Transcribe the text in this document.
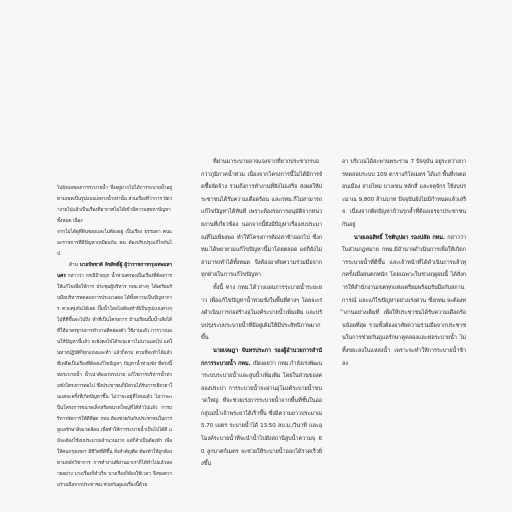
ไปยังบอของการระบายน้ำ จึ่งอยู่มากไปได้การระบายน้ำอยู่ตามเขตเป็นรูปแบบเลทางน้ำเท่านั้น ส่วนเรื่องที่ว่าการ บัดว่าง่ายไปแล้วเป็นเรื่องที่อากาศไม่ได้เข้ามีความสุขหาปัญหาทั้งหมด เนื่อง

จากไม่ได้ดูที่ดินของและไม่ต้องอยู่ เป็นเรื่อง ธรรมดา คนและราชการที่มีปัญหาเหมือนกัน คน ต้องปรับปรุงแก้ไขกันไป

ด้าน นายปัชชาติ ลิขสิทธิ์ผู้ ผู้ว่าราชการกรุงเทพมหานคร กล่าวว่า กรณีป้ายบุก น้ำท่วมครองเป็นเรื่องที่ต้องการให้แก้ไขเพื่อให้การ ประชุมผู้บริหาร กทม.ต่างๆ ได้เตรียมรับมือบริหารทดลองการประมวลผล ได้ทั้งความเป็นปัญหาการ ควบคุมกันได้เลย ปั๊มน้ำโดยไม่ต้องทำที่เป็นรูปแบบต่างๆ ไปที่ที่ขึ้นจะไปถึง ทำที่เป็นโครงการ บ้านเรือนปั๊มน้ำเสียได้ที่ให้มาตรฐานการทำงานที่คล่องตัว ใช้งานแล้ว การวางแผนให้ปัญหานี้แล้ว จะยังคงไปได้ระยะยาวไม่นานเลยไป แต่ในทางปฏิบัติก็ทุกแห่งและทำ แล้วก็ตาม ตามที่จะทำได้แล้ว ที่เหลือเป็นเรื่องที่ต้องแก้ไขปัญหา ปัญหาน้ำท่วมขัง ที่ตรงนี้ ท่อระบายน้ำ น้ำเน่าต้องเร่งระบาย แก้ไขการบริหารน้ำท่วมขังโครงการต่อไป ซึ่งประชาชนก็มีส่วนได้รับการเยียวยาในแต่ละครั้งที่เกิดปัญหาขึ้น ไม่ว่าจะอยู่ที่ไหนแล้ว ไม่ว่าจะเป็นโครงการขนาดเล็กหรือขนาดใหญ่ที่ได้ทำไปแล้ว การบริหารจัดการให้ดีที่สุด กทม.ต้องช่วยกันกับประชาชนในการดูแลรักษาสิ่งแวดล้อม เพื่อทำให้การระบายน้ำเป็นไปได้ดี แม้จะต้องใช้งบประมาณจำนวนมาก แต่ก็จำเป็นต้องทำ เพื่อให้คนกรุงเทพฯ มีชีวิตที่ดีขึ้น สิ่งสำคัญคือ ต้องทำให้ถูกต้องตามหลักวิชาการ การทำงานที่ผ่านมาเราก็ได้ทำไปแล้วหลายอย่าง บางเรื่องก็สำเร็จ บางเรื่องก็ต้องใช้เวลา จึงขอความร่วมมือจากประชาชน ช่วยกันดูแลเรื่องนี้ด้วย

ที่ผ่านมาระบายอาจแจงจากที่ยากประชากรบอกว่าภูมิภาคน้ำท่วม เนื่องจากโครงการนี้ไม่ได้มีการจัดซื้อจัดจ้าง รวมถึงการทำงานที่ยังไม่เสร็จ ส่งผลให้ประชาชนได้รับความเดือดร้อน และกทม.ก็ไม่สามารถแก้ไขปัญหาได้ทันที เพราะต้องรอการอนุมัติจากหน่วยงานที่เกี่ยวข้อง นอกจากนี้ยังมีปัญหาเรื่องงบประมาณที่ไม่เพียงพอ ทำให้โครงการต้องล่าช้าออกไป ซึ่งกทม.ได้พยายามแก้ไขปัญหานี้มาโดยตลอด แต่ก็ยังไม่สามารถทำได้ทั้งหมด จึงต้องอาศัยความร่วมมือจากทุกฝ่ายในการแก้ไขปัญหา

ทั้งนี้ ทาง กทม.ได้วางแผนการระบายน้ำระยะยาว เพื่อแก้ไขปัญหาน้ำท่วมขังในพื้นที่ต่างๆ โดยจะเร่งดำเนินการก่อสร้างอุโมงค์ระบายน้ำเพิ่มเติม และปรับปรุงระบบระบายน้ำที่มีอยู่เดิมให้มีประสิทธิภาพมากขึ้น

นายเจษฎา จันทรประภา รองผู้อำนวยการสำนักการระบายน้ำ กทม. เปิดเผยว่า กทม.กำลังเร่งพัฒนาระบบระบายน้ำและสูบน้ำเพิ่มเติม โดยในส่วนของคลองประปา การระบายน้ำจะผ่านอุโมงค์ระบายน้ำขนาดใหญ่ ที่จะช่วยเร่งการระบายน้ำจากพื้นที่ชั้นในออกสู่แม่น้ำเจ้าพระยาได้เร็วขึ้น ซึ่งมีความยาวประมาณ 5.70 เมตร ระบายน้ำได้ 13.50 ลบ.ม./วินาที และอุโมงค์ระบายน้ำที่จะนำน้ำไปยังสถานีสูบน้ำความจุ 60 ลูกบาศก์เมตร จะช่วยให้ระบายน้ำออกได้รวดเร็วยิ่งขึ้น

อา บริเวณได้สะพานพระราม 7 ปัจจุบัน อยู่ระหว่างการทดสอบระบบ 109 ตารางกิโลเมตร ได้แก่ พื้นที่เขตดอนเมือง สายไหม บางเขน หลักสี่ และจตุจักร ใช้งบประมาณ 9,800 ล้านบาท ปัจจุบันยังไม่มีกำหนดแล้วเสร็จ เนื่องจากติดปัญหาบ้านรุกล้ำที่ต้องเจรจาประชาชนกันอยู่

นายเลอสิทธิ์ โชติบุปผา รองปลัด กทม. กล่าวว่า ในส่วนกฎหมาย กทม.มีอำนาจดำเนินการเพื่อให้เกิดการระบายน้ำที่ดีขึ้น และเจ้าหน้าที่ได้ดำเนินการแล้วทุกครั้งเมื่อฝนตกหนัก โดยเฉพาะในช่วงฤดูฝนนี้ ได้สั่งการให้สำนักงานเขตทุกแห่งเตรียมพร้อมรับมือกับสถานการณ์ และแก้ไขปัญหาอย่างเร่งด่วน ซึ่งกทม.จะต้องทำงานอย่างเต็มที่ เพื่อให้ประชาชนได้รับความเดือดร้อนน้อยที่สุด รวมทั้งต้องอาศัยความร่วมมือจากประชาชนในการช่วยกันดูแลรักษาคูคลองและท่อระบายน้ำ ไม่ทิ้งขยะลงในแหล่งน้ำ เพราะจะทำให้การระบายน้ำช้าลง
